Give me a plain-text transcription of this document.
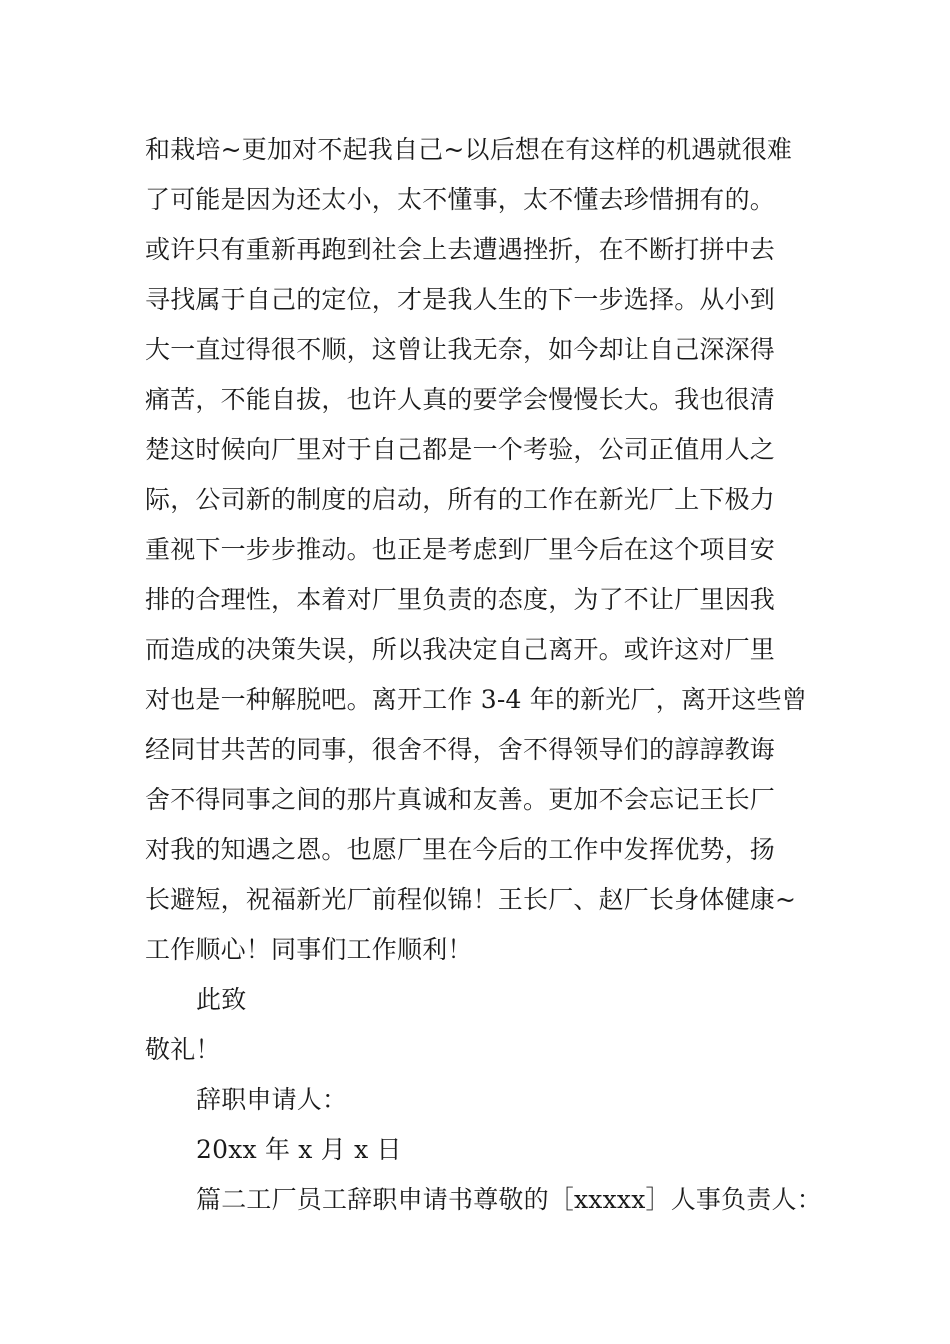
和栽培~更加对不起我自己~以后想在有这样的机遇就很难
了可能是因为还太小，太不懂事，太不懂去珍惜拥有的。
或许只有重新再跑到社会上去遭遇挫折，在不断打拼中去
寻找属于自己的定位，才是我人生的下一步选择。从小到
大一直过得很不顺，这曾让我无奈，如今却让自己深深得
痛苦，不能自拔，也许人真的要学会慢慢长大。我也很清
楚这时候向厂里对于自己都是一个考验，公司正值用人之
际，公司新的制度的启动，所有的工作在新光厂上下极力
重视下一步步推动。也正是考虑到厂里今后在这个项目安
排的合理性，本着对厂里负责的态度，为了不让厂里因我
而造成的决策失误，所以我决定自己离开。或许这对厂里
对也是一种解脱吧。离开工作 3-4 年的新光厂，离开这些曾
经同甘共苦的同事，很舍不得，舍不得领导们的諄諄教诲
舍不得同事之间的那片真诚和友善。更加不会忘记王长厂
对我的知遇之恩。也愿厂里在今后的工作中发挥优势，扬
长避短，祝福新光厂前程似锦！王长厂、赵厂长身体健康~
工作顺心！同事们工作顺利！
此致
敬礼！
辞职申请人：
20xx 年 x 月 x 日
篇二工厂员工辞职申请书尊敬的［xxxxx］人事负责人：
